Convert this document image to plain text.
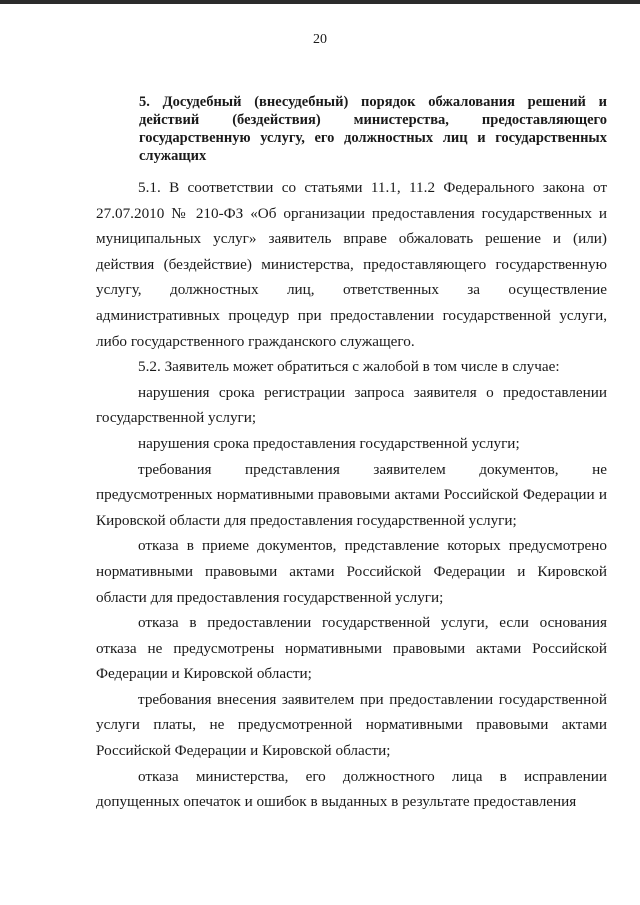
20
5. Досудебный (внесудебный) порядок обжалования решений и действий (бездействия) министерства, предоставляющего государственную услугу, его должностных лиц и государственных служащих

5.1. В соответствии со статьями 11.1, 11.2 Федерального закона от 27.07.2010 № 210-ФЗ «Об организации предоставления государственных и муниципальных услуг» заявитель вправе обжаловать решение и (или) действия (бездействие) министерства, предоставляющего государственную услугу, должностных лиц, ответственных за осуществление административных процедур при предоставлении государственной услуги, либо государственного гражданского служащего.

5.2. Заявитель может обратиться с жалобой в том числе в случае:

нарушения срока регистрации запроса заявителя о предоставлении государственной услуги;

нарушения срока предоставления государственной услуги;

требования представления заявителем документов, не предусмотренных нормативными правовыми актами Российской Федерации и Кировской области для предоставления государственной услуги;

отказа в приеме документов, представление которых предусмотрено нормативными правовыми актами Российской Федерации и Кировской области для предоставления государственной услуги;

отказа в предоставлении государственной услуги, если основания отказа не предусмотрены нормативными правовыми актами Российской Федерации и Кировской области;

требования внесения заявителем при предоставлении государственной услуги платы, не предусмотренной нормативными правовыми актами Российской Федерации и Кировской области;

отказа министерства, его должностного лица в исправлении допущенных опечаток и ошибок в выданных в результате предоставления
